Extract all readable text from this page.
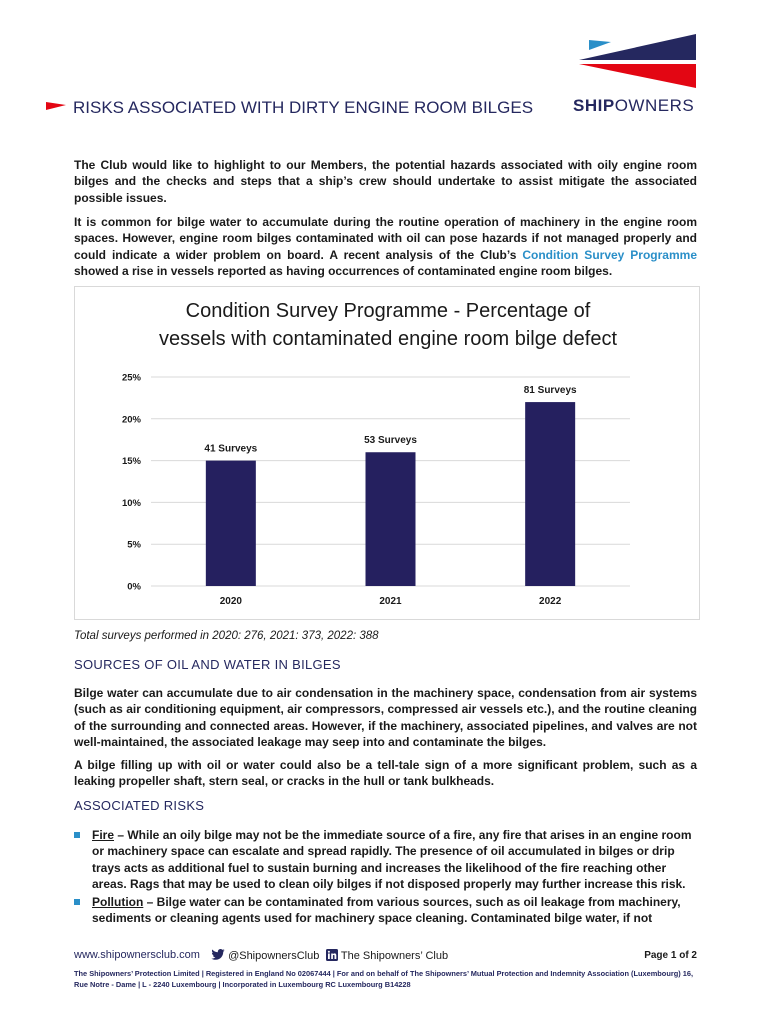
SHIPOWNERS
RISKS ASSOCIATED WITH DIRTY ENGINE ROOM BILGES

The Club would like to highlight to our Members, the potential hazards associated with oily engine room bilges and the checks and steps that a ship’s crew should undertake to assist mitigate the associated possible issues.

It is common for bilge water to accumulate during the routine operation of machinery in the engine room spaces. However, engine room bilges contaminated with oil can pose hazards if not managed properly and could indicate a wider problem on board. A recent analysis of the Club’s Condition Survey Programme showed a rise in vessels reported as having occurrences of contaminated engine room bilges.

0%
5%
10%
15%
20%
25%
41 Surveys
2020
53 Surveys
2021
81 Surveys
2022
Condition Survey Programme - Percentage of
vessels with contaminated engine room bilge defect
Total surveys performed in 2020: 276, 2021: 373, 2022: 388
SOURCES OF OIL AND WATER IN BILGES

Bilge water can accumulate due to air condensation in the machinery space, condensation from air systems (such as air conditioning equipment, air compressors, compressed air vessels etc.), and the routine cleaning of the surrounding and connected areas. However, if the machinery, associated pipelines, and valves are not well-maintained, the associated leakage may seep into and contaminate the bilges.

A bilge filling up with oil or water could also be a tell-tale sign of a more significant problem, such as a leaking propeller shaft, stern seal, or cracks in the hull or tank bulkheads.

ASSOCIATED RISKS
Fire – While an oily bilge may not be the immediate source of a fire, any fire that arises in an engine room or machinery space can escalate and spread rapidly. The presence of oil accumulated in bilges or drip trays acts as additional fuel to sustain burning and increases the likelihood of the fire reaching other areas. Rags that may be used to clean oily bilges if not disposed properly may further increase this risk.
Pollution – Bilge water can be contaminated from various sources, such as oil leakage from machinery, sediments or cleaning agents used for machinery space cleaning. Contaminated bilge water, if not
www.shipownersclub.com	@ShipownersClub	The Shipowners’ Club	Page 1 of 2
The Shipowners’ Protection Limited | Registered in England No 02067444 | For and on behalf of The Shipowners’ Mutual Protection and Indemnity Association (Luxembourg) 16, Rue Notre - Dame | L - 2240 Luxembourg | Incorporated in Luxembourg RC Luxembourg B14228
